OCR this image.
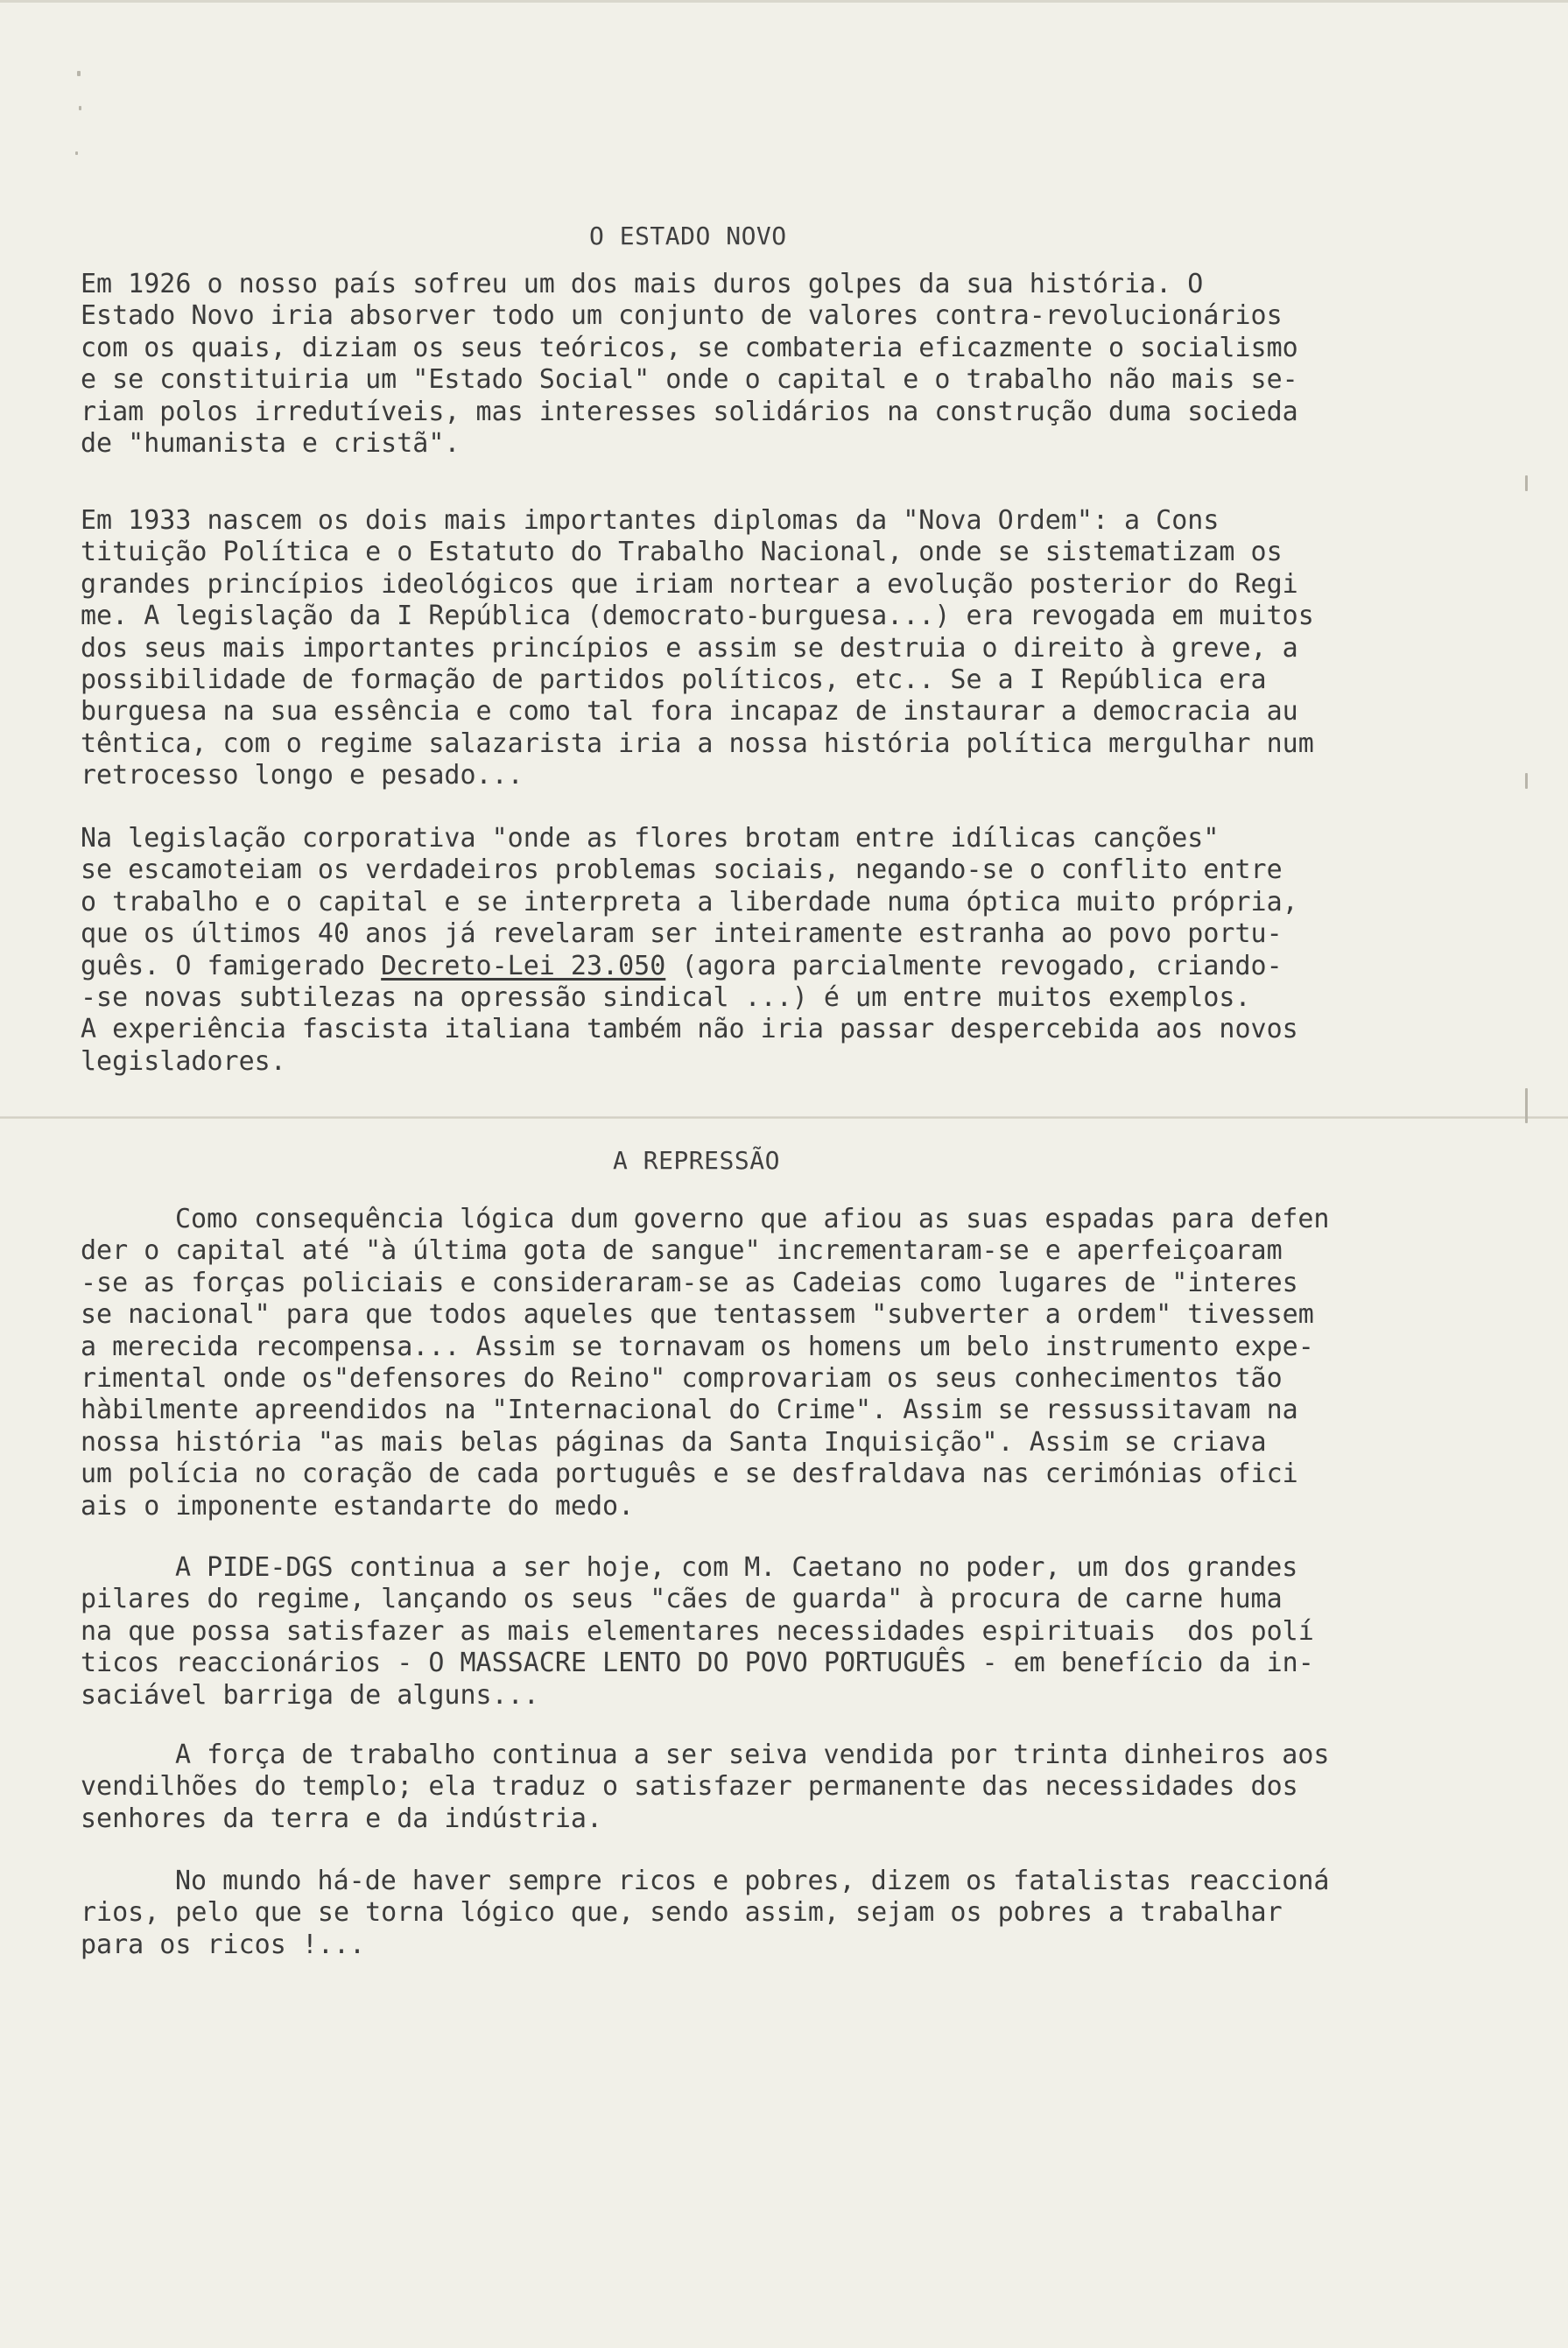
O ESTADO NOVO
Em 1926 o nosso país sofreu um dos mais duros golpes da sua história. O
Estado Novo iria absorver todo um conjunto de valores contra-revolucionários
com os quais, diziam os seus teóricos, se combateria eficazmente o socialismo
e se constituiria um "Estado Social" onde o capital e o trabalho não mais se-
riam polos irredutíveis, mas interesses solidários na construção duma socieda
de "humanista e cristã".
Em 1933 nascem os dois mais importantes diplomas da "Nova Ordem": a Cons
tituição Política e o Estatuto do Trabalho Nacional, onde se sistematizam os
grandes princípios ideológicos que iriam nortear a evolução posterior do Regi
me. A legislação da I República (democrato-burguesa...) era revogada em muitos
dos seus mais importantes princípios e assim se destruia o direito à greve, a
possibilidade de formação de partidos políticos, etc.. Se a I República era
burguesa na sua essência e como tal fora incapaz de instaurar a democracia au
têntica, com o regime salazarista iria a nossa história política mergulhar num
retrocesso longo e pesado...
Na legislação corporativa "onde as flores brotam entre idílicas canções"
se escamoteiam os verdadeiros problemas sociais, negando-se o conflito entre
o trabalho e o capital e se interpreta a liberdade numa óptica muito própria,
que os últimos 40 anos já revelaram ser inteiramente estranha ao povo portu-
guês. O famigerado Decreto-Lei 23.050 (agora parcialmente revogado, criando-
-se novas subtilezas na opressão sindical ...) é um entre muitos exemplos.
A experiência fascista italiana também não iria passar despercebida aos novos
legisladores.
A REPRESSÃO
Como consequência lógica dum governo que afiou as suas espadas para defen
der o capital até "à última gota de sangue" incrementaram-se e aperfeiçoaram
-se as forças policiais e consideraram-se as Cadeias como lugares de "interes
se nacional" para que todos aqueles que tentassem "subverter a ordem" tivessem
a merecida recompensa... Assim se tornavam os homens um belo instrumento expe-
rimental onde os"defensores do Reino" comprovariam os seus conhecimentos tão
hàbilmente apreendidos na "Internacional do Crime". Assim se ressussitavam na
nossa história "as mais belas páginas da Santa Inquisição". Assim se criava
um polícia no coração de cada português e se desfraldava nas cerimónias ofici
ais o imponente estandarte do medo.
A PIDE-DGS continua a ser hoje, com M. Caetano no poder, um dos grandes
pilares do regime, lançando os seus "cães de guarda" à procura de carne huma
na que possa satisfazer as mais elementares necessidades espirituais  dos polí
ticos reaccionários - O MASSACRE LENTO DO POVO PORTUGUÊS - em benefício da in-
saciável barriga de alguns...
A força de trabalho continua a ser seiva vendida por trinta dinheiros aos
vendilhões do templo; ela traduz o satisfazer permanente das necessidades dos
senhores da terra e da indústria.
No mundo há-de haver sempre ricos e pobres, dizem os fatalistas reaccioná
rios, pelo que se torna lógico que, sendo assim, sejam os pobres a trabalhar
para os ricos !...
